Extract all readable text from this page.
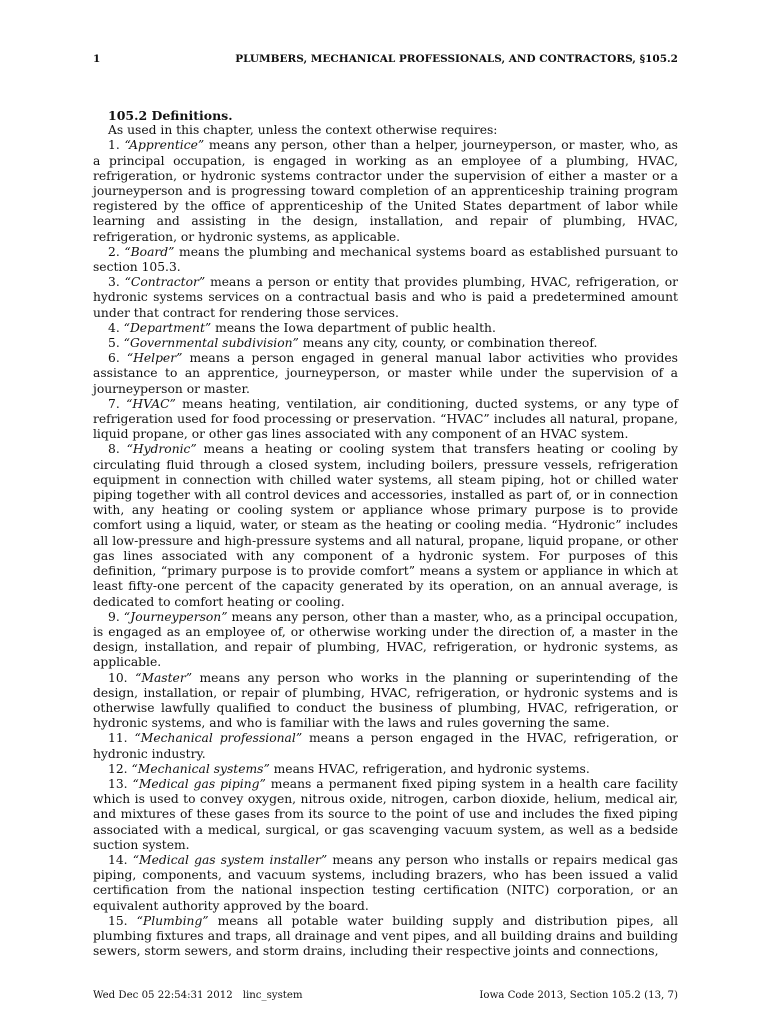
1	PLUMBERS, MECHANICAL PROFESSIONALS, AND CONTRACTORS, §105.2
105.2 Definitions.

As used in this chapter, unless the context otherwise requires:

1. “Apprentice” means any person, other than a helper, journeyperson, or master, who, as a principal occupation, is engaged in working as an employee of a plumbing, HVAC, refrigeration, or hydronic systems contractor under the supervision of either a master or a journeyperson and is progressing toward completion of an apprenticeship training program registered by the office of apprenticeship of the United States department of labor while learning and assisting in the design, installation, and repair of plumbing, HVAC, refrigeration, or hydronic systems, as applicable.

2. “Board” means the plumbing and mechanical systems board as established pursuant to section 105.3.

3. “Contractor” means a person or entity that provides plumbing, HVAC, refrigeration, or hydronic systems services on a contractual basis and who is paid a predetermined amount under that contract for rendering those services.

4. “Department” means the Iowa department of public health.

5. “Governmental subdivision” means any city, county, or combination thereof.

6. “Helper” means a person engaged in general manual labor activities who provides assistance to an apprentice, journeyperson, or master while under the supervision of a journeyperson or master.

7. “HVAC” means heating, ventilation, air conditioning, ducted systems, or any type of refrigeration used for food processing or preservation. “HVAC” includes all natural, propane, liquid propane, or other gas lines associated with any component of an HVAC system.

8. “Hydronic” means a heating or cooling system that transfers heating or cooling by circulating fluid through a closed system, including boilers, pressure vessels, refrigeration equipment in connection with chilled water systems, all steam piping, hot or chilled water piping together with all control devices and accessories, installed as part of, or in connection with, any heating or cooling system or appliance whose primary purpose is to provide comfort using a liquid, water, or steam as the heating or cooling media. “Hydronic” includes all low-pressure and high-pressure systems and all natural, propane, liquid propane, or other gas lines associated with any component of a hydronic system. For purposes of this definition, “primary purpose is to provide comfort” means a system or appliance in which at least fifty-one percent of the capacity generated by its operation, on an annual average, is dedicated to comfort heating or cooling.

9. “Journeyperson” means any person, other than a master, who, as a principal occupation, is engaged as an employee of, or otherwise working under the direction of, a master in the design, installation, and repair of plumbing, HVAC, refrigeration, or hydronic systems, as applicable.

10. “Master” means any person who works in the planning or superintending of the design, installation, or repair of plumbing, HVAC, refrigeration, or hydronic systems and is otherwise lawfully qualified to conduct the business of plumbing, HVAC, refrigeration, or hydronic systems, and who is familiar with the laws and rules governing the same.

11. “Mechanical professional” means a person engaged in the HVAC, refrigeration, or hydronic industry.

12. “Mechanical systems” means HVAC, refrigeration, and hydronic systems.

13. “Medical gas piping” means a permanent fixed piping system in a health care facility which is used to convey oxygen, nitrous oxide, nitrogen, carbon dioxide, helium, medical air, and mixtures of these gases from its source to the point of use and includes the fixed piping associated with a medical, surgical, or gas scavenging vacuum system, as well as a bedside suction system.

14. “Medical gas system installer” means any person who installs or repairs medical gas piping, components, and vacuum systems, including brazers, who has been issued a valid certification from the national inspection testing certification (NITC) corporation, or an equivalent authority approved by the board.

15. “Plumbing” means all potable water building supply and distribution pipes, all plumbing fixtures and traps, all drainage and vent pipes, and all building drains and building sewers, storm sewers, and storm drains, including their respective joints and connections,

Wed Dec 05 22:54:31 2012 linc_system	Iowa Code 2013, Section 105.2 (13, 7)
